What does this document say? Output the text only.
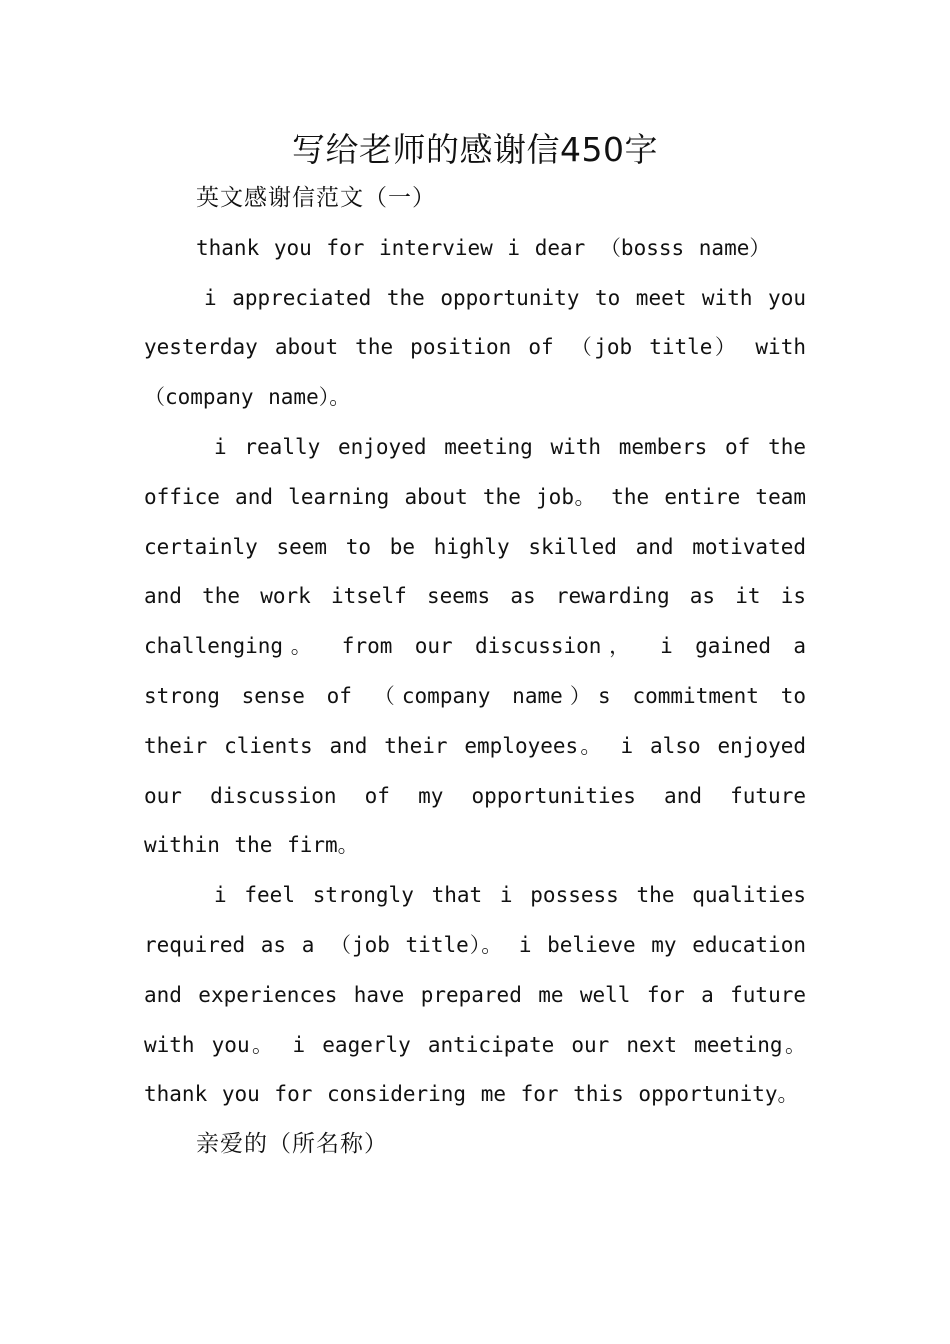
写给老师的感谢信450字

英文感谢信范文（一）

thank you for interview i dear （bosss name）

i appreciated the opportunity to meet with you yesterday about the position of （job title） with （company name）。

i really enjoyed meeting with members of the office and learning about the job。 the entire team certainly seem to be highly skilled and motivated and the work itself seems as rewarding as it is challenging。 from our discussion， i gained a strong sense of （company name）s commitment to their clients and their employees。 i also enjoyed our discussion of my opportunities and future within the firm。

i feel strongly that i possess the qualities required as a （job title）。 i believe my education and experiences have prepared me well for a future with you。 i eagerly anticipate our next meeting。 thank you for considering me for this opportunity。

亲爱的（所名称）
